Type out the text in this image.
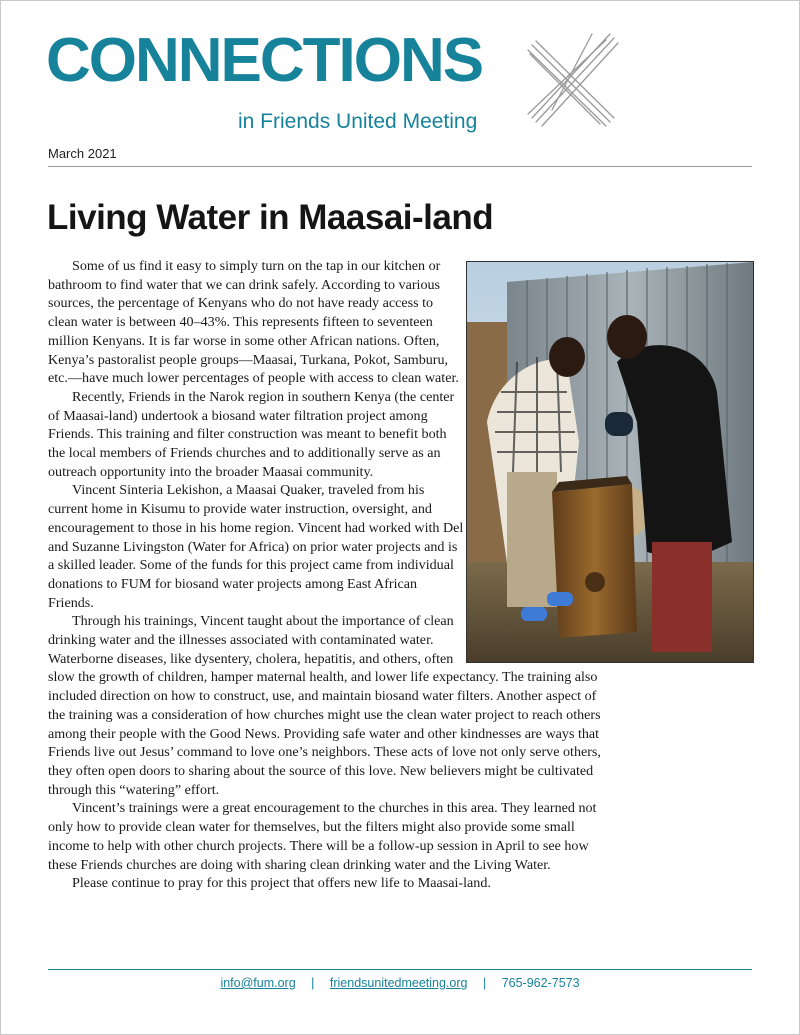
CONNECTIONS
in Friends United Meeting
March 2021
Living Water in Maasai-land

Some of us find it easy to simply turn on the tap in our kitchen or bathroom to find water that we can drink safely. According to various sources, the percentage of Kenyans who do not have ready access to clean water is between 40–43%. This represents fifteen to seventeen million Kenyans. It is far worse in some other African nations. Often, Kenya’s pastoralist people groups—Maasai, Turkana, Pokot, Samburu, etc.—have much lower percentages of people with access to clean water.

Recently, Friends in the Narok region in southern Kenya (the center of Maasai-land) undertook a biosand water filtration project among Friends. This training and filter construction was meant to benefit both the local members of Friends churches and to additionally serve as an outreach opportunity into the broader Maasai community.

Vincent Sinteria Lekishon, a Maasai Quaker, traveled from his current home in Kisumu to provide water instruction, oversight, and encouragement to those in his home region. Vincent had worked with Del and Suzanne Livingston (Water for Africa) on prior water projects and is a skilled leader. Some of the funds for this project came from individual donations to FUM for biosand water projects among East African Friends.

Through his trainings, Vincent taught about the importance of clean drinking water and the illnesses associated with contaminated water. Waterborne diseases, like dysentery, cholera, hepatitis, and others, often slow the growth of children, hamper maternal health, and lower life expectancy. The training also included direction on how to construct, use, and maintain biosand water filters. Another aspect of the training was a consideration of how churches might use the clean water project to reach others among their people with the Good News. Providing safe water and other kindnesses are ways that Friends live out Jesus’ command to love one’s neighbors. These acts of love not only serve others, they often open doors to sharing about the source of this love. New believers might be cultivated through this “watering” effort.

Vincent’s trainings were a great encouragement to the churches in this area. They learned not only how to provide clean water for themselves, but the filters might also provide some small income to help with other church projects. There will be a follow-up session in April to see how these Friends churches are doing with sharing clean drinking water and the Living Water.

Please continue to pray for this project that offers new life to Maasai-land.

info@fum.org | friendsunitedmeeting.org | 765-962-7573
